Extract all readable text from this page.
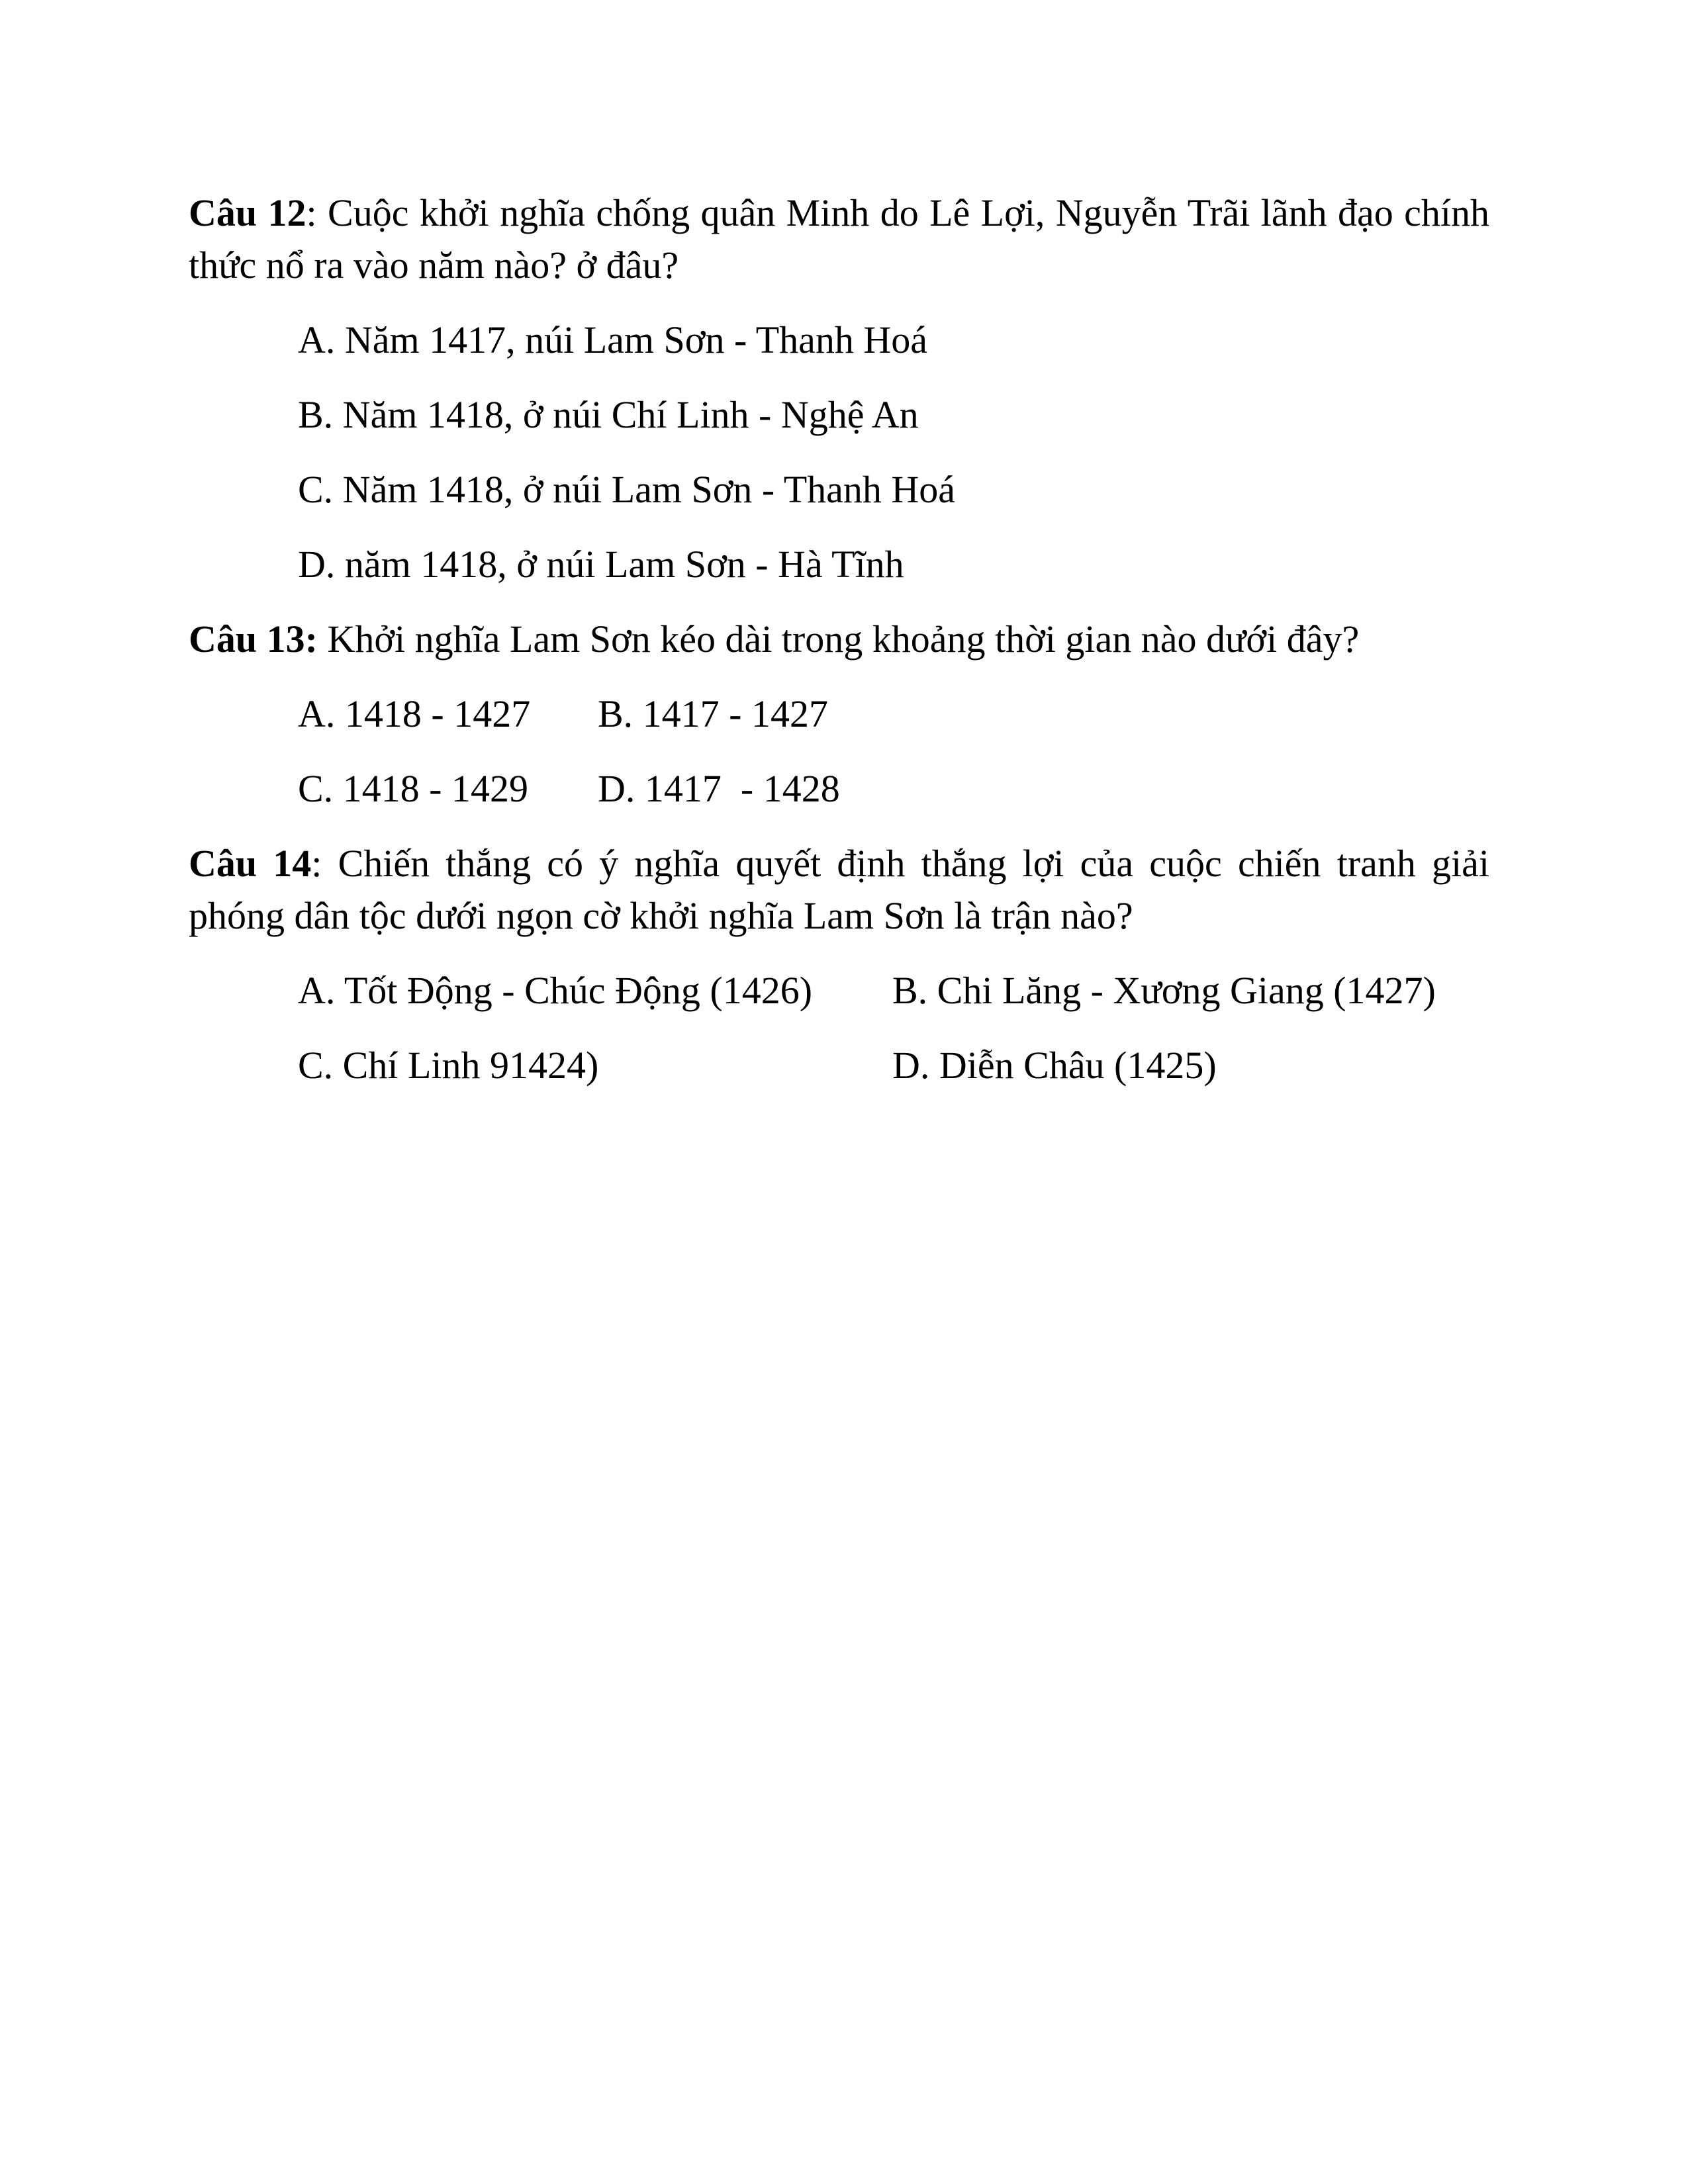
Câu 12: Cuộc khởi nghĩa chống quân Minh do Lê Lợi, Nguyễn Trãi lãnh đạo chính thức nổ ra vào năm nào? ở đâu?

A. Năm 1417, núi Lam Sơn - Thanh Hoá

B. Năm 1418, ở núi Chí Linh - Nghệ An

C. Năm 1418, ở núi Lam Sơn - Thanh Hoá

D. năm 1418, ở núi Lam Sơn - Hà Tĩnh

Câu 13: Khởi nghĩa Lam Sơn kéo dài trong khoảng thời gian nào dưới đây?

A. 1418 - 1427 B. 1417 - 1427

C. 1418 - 1429 D. 1417  - 1428

Câu 14: Chiến thắng có ý nghĩa quyết định thắng lợi của cuộc chiến tranh giải phóng dân tộc dưới ngọn cờ khởi nghĩa Lam Sơn là trận nào?

A. Tốt Động - Chúc Động (1426) B. Chi Lăng - Xương Giang (1427)

C. Chí Linh 91424)	D. Diễn Châu (1425)
